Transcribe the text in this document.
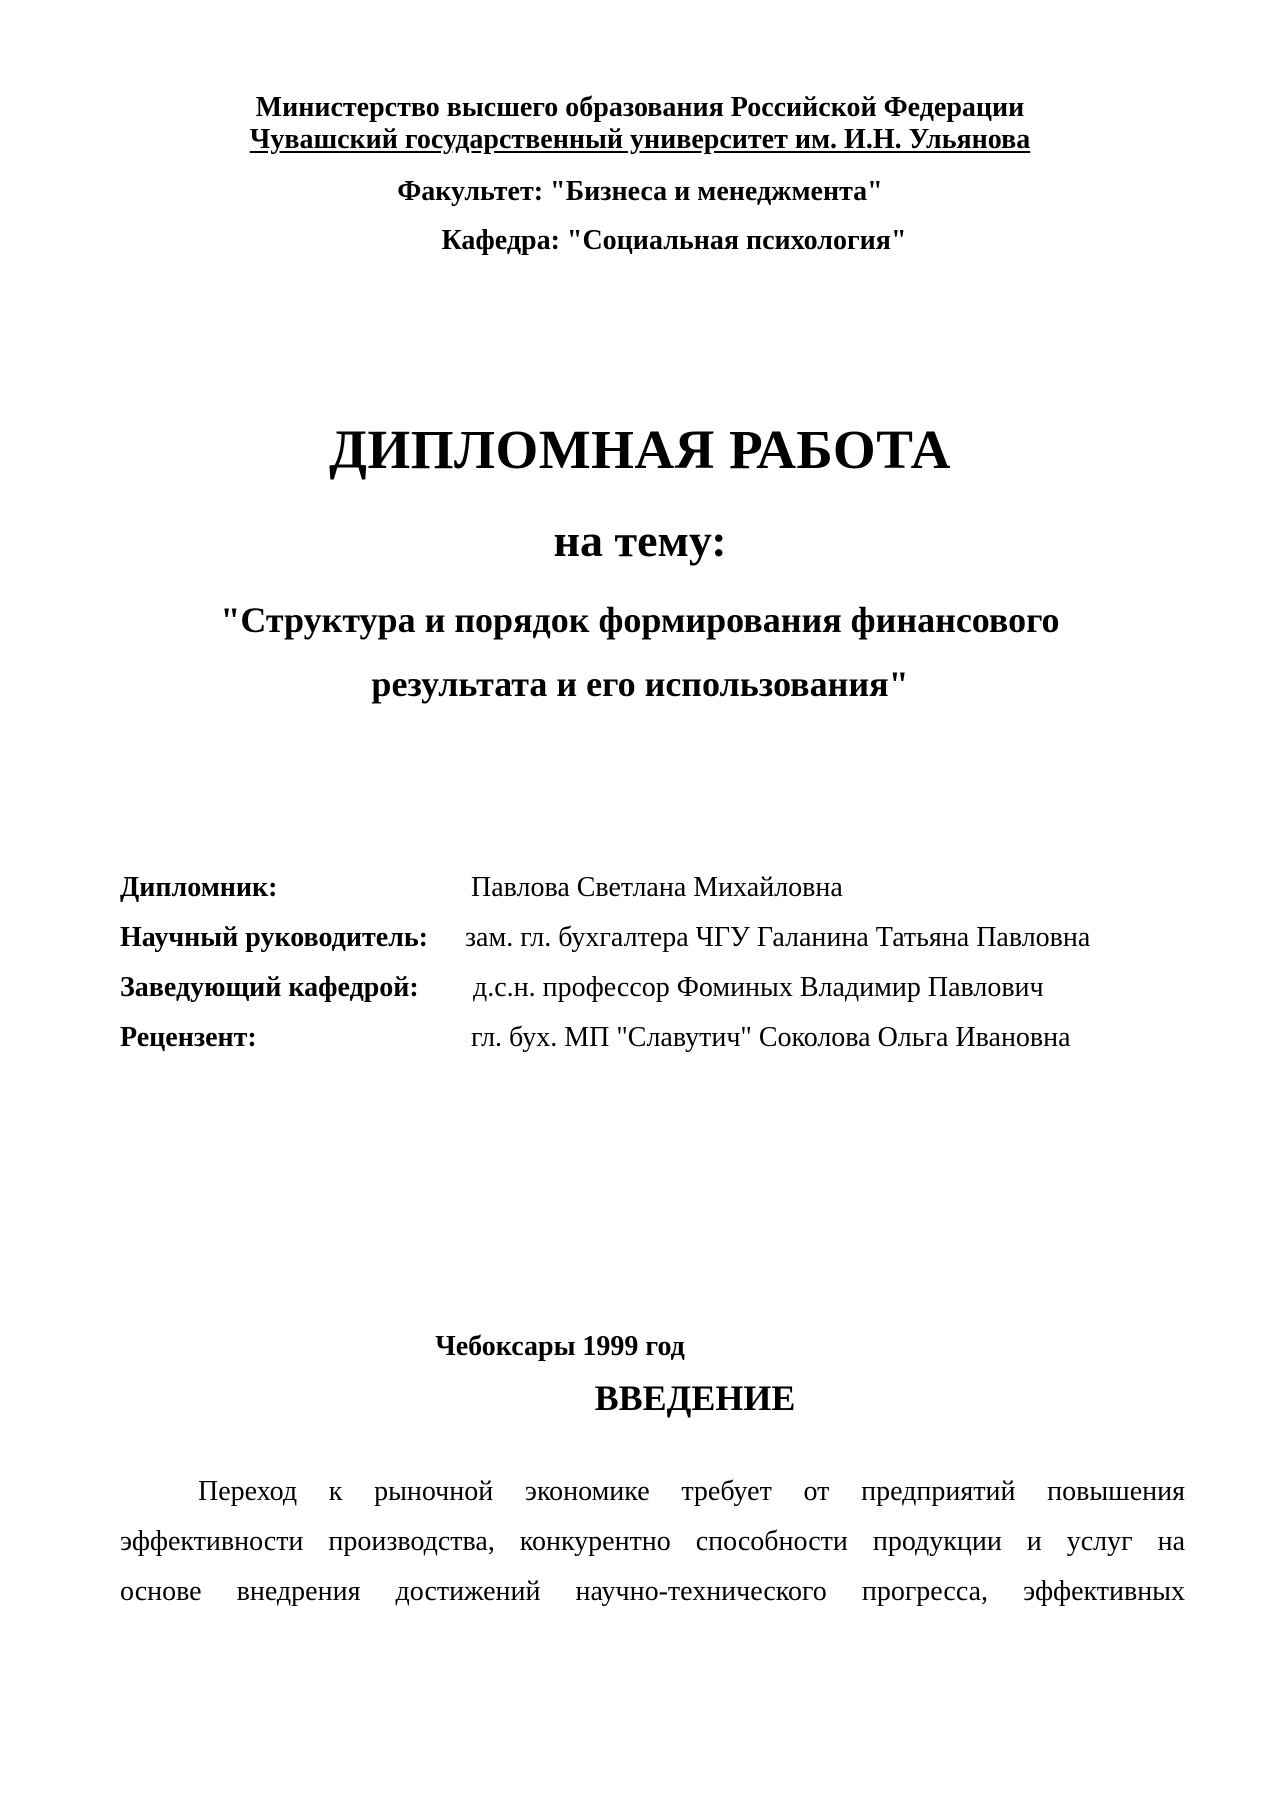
Министерство высшего образования Российской Федерации

Чувашский государственный университет им. И.Н. Ульянова

Факультет: "Бизнеса и менеджмента"

Кафедра: "Социальная психология"

ДИПЛОМНАЯ РАБОТА
на тему:

"Структура и порядок формирования финансового

результата и его использования"

Дипломник:	Павлова Светлана Михайловна
Научный руководитель: зам. гл. бухгалтера ЧГУ Галанина Татьяна Павловна
Заведующий кафедрой: д.с.н. профессор Фоминых Владимир Павлович
Рецензент:	гл. бух. МП "Славутич" Соколова Ольга Ивановна

Чебоксары 1999 год

ВВЕДЕНИЕ
Переход к рыночной экономике требует от предприятий повышения
эффективности производства, конкурентно способности продукции и услуг на
основе внедрения достижений научно-технического прогресса, эффективных
